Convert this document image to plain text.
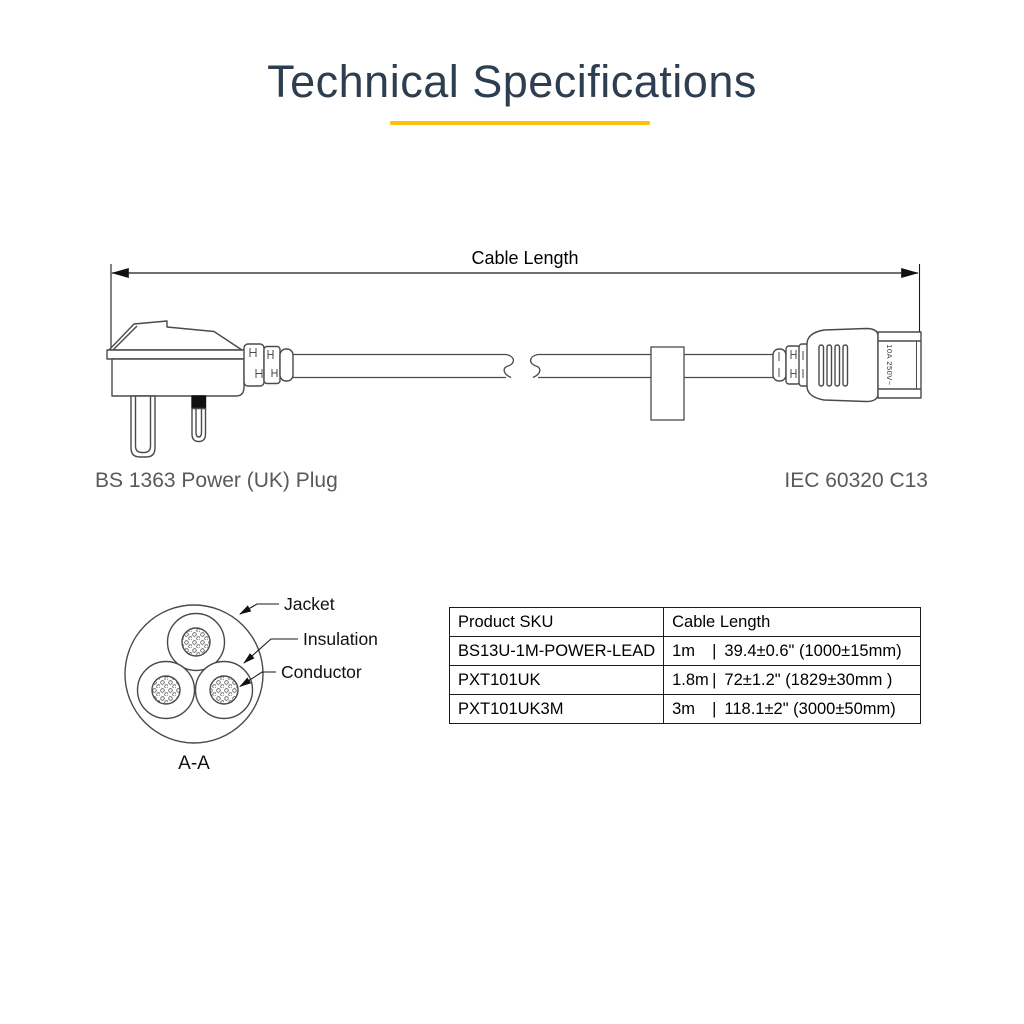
Technical Specifications
Cable Length
10A 250V~
BS 1363 Power (UK) Plug	IEC 60320 C13
Jacket
Insulation
Conductor
A-A
Product SKU	Cable Length
BS13U-1M-POWER-LEAD	1m | 39.4±0.6" (1000±15mm)
PXT101UK	1.8m | 72±1.2" (1829±30mm )
PXT101UK3M	3m | 118.1±2" (3000±50mm)
